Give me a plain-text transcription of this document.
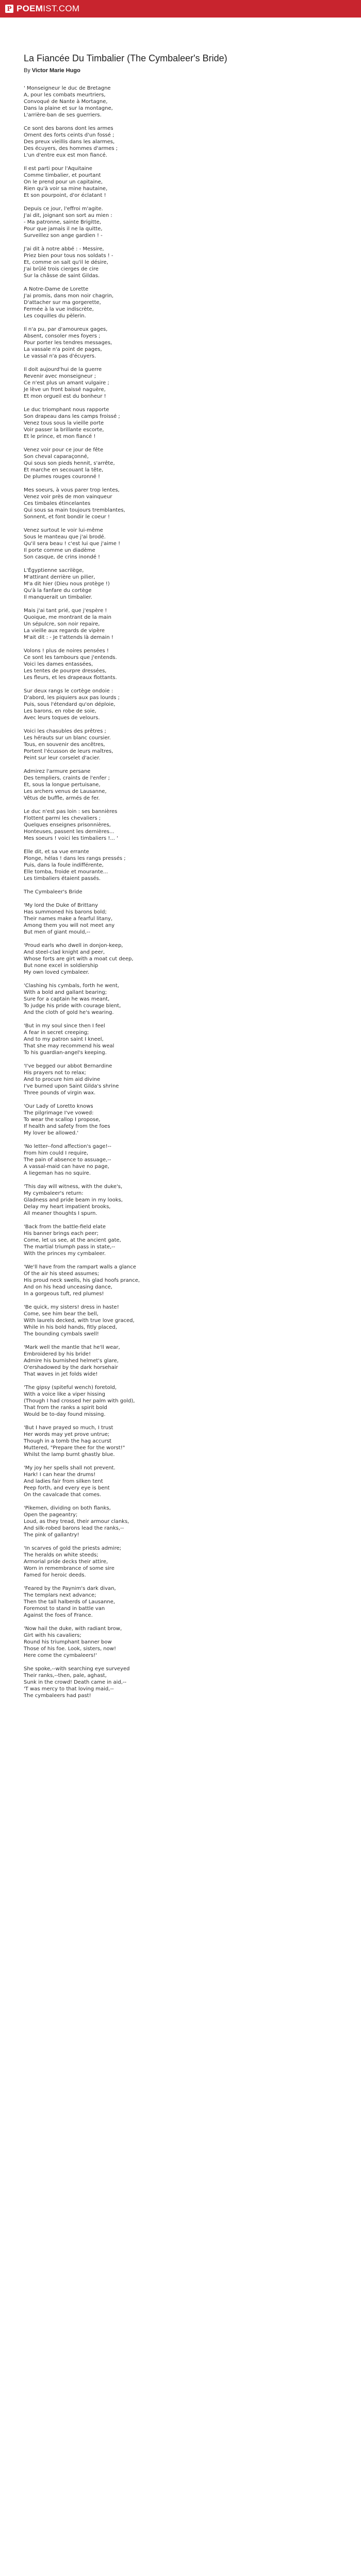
P POEMIST.COM
La Fiancée Du Timbalier (The Cymbaleer's Bride)

By Victor Marie Hugo

' Monseigneur le duc de Bretagne
A, pour les combats meurtriers,
Convoqué de Nante à Mortagne,
Dans la plaine et sur la montagne,
L'arrière-ban de ses guerriers.
Ce sont des barons dont les armes
Ornent des forts ceints d'un fossé ;
Des preux vieillis dans les alarmes,
Des écuyers, des hommes d'armes ;
L'un d'entre eux est mon fiancé.
Il est parti pour l'Aquitaine
Comme timbalier, et pourtant
On le prend pour un capitaine,
Rien qu'à voir sa mine hautaine,
Et son pourpoint, d'or éclatant !
Depuis ce jour, l'effroi m'agite.
J'ai dit, joignant son sort au mien :
- Ma patronne, sainte Brigitte,
Pour que jamais il ne la quitte,
Surveillez son ange gardien ! -
J'ai dit à notre abbé : - Messire,
Priez bien pour tous nos soldats ! -
Et, comme on sait qu'il le désire,
J'ai brûlé trois cierges de cire
Sur la châsse de saint Gildas.
A Notre-Dame de Lorette
J'ai promis, dans mon noir chagrin,
D'attacher sur ma gorgerette,
Fermée à la vue indiscrète,
Les coquilles du pèlerin.
Il n'a pu, par d'amoureux gages,
Absent, consoler mes foyers ;
Pour porter les tendres messages,
La vassale n'a point de pages,
Le vassal n'a pas d'écuyers.
Il doit aujourd'hui de la guerre
Revenir avec monseigneur ;
Ce n'est plus un amant vulgaire ;
Je lève un front baissé naguère,
Et mon orgueil est du bonheur !
Le duc triomphant nous rapporte
Son drapeau dans les camps froissé ;
Venez tous sous la vieille porte
Voir passer la brillante escorte,
Et le prince, et mon fiancé !
Venez voir pour ce jour de fête
Son cheval caparaçonné,
Qui sous son pieds hennit, s'arrête,
Et marche en secouant la tête,
De plumes rouges couronné !
Mes soeurs, à vous parer trop lentes,
Venez voir près de mon vainqueur
Ces timbales étincelantes
Qui sous sa main toujours tremblantes,
Sonnent, et font bondir le coeur !
Venez surtout le voir lui-même
Sous le manteau que j'ai brodé.
Qu'il sera beau ! c'est lui que j'aime !
Il porte comme un diadème
Son casque, de crins inondé !
L'Égyptienne sacrilège,
M'attirant derrière un pilier,
M'a dit hier (Dieu nous protège !)
Qu'à la fanfare du cortège
Il manquerait un timbalier.
Mais j'ai tant prié, que j'espère !
Quoique, me montrant de la main
Un sépulcre, son noir repaire,
La vieille aux regards de vipère
M'ait dit : - Je t'attends là demain !
Volons ! plus de noires pensées !
Ce sont les tambours que j'entends.
Voici les dames entassées,
Les tentes de pourpre dressées,
Les fleurs, et les drapeaux flottants.
Sur deux rangs le cortège ondoie :
D'abord, les piquiers aux pas lourds ;
Puis, sous l'étendard qu'on déploie,
Les barons, en robe de soie,
Avec leurs toques de velours.
Voici les chasubles des prêtres ;
Les hérauts sur un blanc coursier.
Tous, en souvenir des ancêtres,
Portent l'écusson de leurs maîtres,
Peint sur leur corselet d'acier.
Admirez l'armure persane
Des templiers, craints de l'enfer ;
Et, sous la longue pertuisane,
Les archers venus de Lausanne,
Vêtus de buffle, armés de fer.
Le duc n'est pas loin : ses bannières
Flottent parmi les chevaliers ;
Quelques enseignes prisonnières,
Honteuses, passent les dernières...
Mes soeurs ! voici les timbaliers !... '
Elle dit, et sa vue errante
Plonge, hélas ! dans les rangs pressés ;
Puis, dans la foule indifférente,
Elle tomba, froide et mourante...
Les timbaliers étaient passés.
The Cymbaleer's Bride
'My lord the Duke of Brittany
Has summoned his barons bold;
Their names make a fearful litany,
Among them you will not meet any
But men of giant mould,--
'Proud earls who dwell in donjon-keep,
And steel-clad knight and peer,
Whose forts are girt with a moat cut deep,
But none excel in soldiership
My own loved cymbaleer.
'Clashing his cymbals, forth he went,
With a bold and gallant bearing;
Sure for a captain he was meant,
To judge his pride with courage blent,
And the cloth of gold he's wearing.
'But in my soul since then I feel
A fear in secret creeping;
And to my patron saint I kneel,
That she may recommend his weal
To his guardian-angel's keeping.
'I've begged our abbot Bernardine
His prayers not to relax;
And to procure him aid divine
I've burned upon Saint Gilda's shrine
Three pounds of virgin wax.
'Our Lady of Loretto knows
The pilgrimage I've vowed:
To wear the scallop I propose,
If health and safety from the foes
My lover be allowed.'
'No letter--fond affection's gage!--
From him could I require,
The pain of absence to assuage,--
A vassal-maid can have no page,
A liegeman has no squire.
'This day will witness, with the duke's,
My cymbaleer's return:
Gladness and pride beam in my looks,
Delay my heart impatient brooks,
All meaner thoughts I spurn.
'Back from the battle-field elate
His banner brings each peer;
Come, let us see, at the ancient gate,
The martial triumph pass in state,--
With the princes my cymbaleer.
'We'll have from the rampart walls a glance
Of the air his steed assumes;
His proud neck swells, his glad hoofs prance,
And on his head unceasing dance,
In a gorgeous tuft, red plumes!
'Be quick, my sisters! dress in haste!
Come, see him bear the bell,
With laurels decked, with true love graced,
While in his bold hands, fitly placed,
The bounding cymbals swell!
'Mark well the mantle that he'll wear,
Embroidered by his bride!
Admire his burnished helmet's glare,
O'ershadowed by the dark horsehair
That waves in jet folds wide!
'The gipsy (spiteful wench) foretold,
With a voice like a viper hissing
(Though I had crossed her palm with gold),
That from the ranks a spirit bold
Would be to-day found missing.
'But I have prayed so much, I trust
Her words may yet prove untrue;
Though in a tomb the hag accurst
Muttered, "Prepare thee for the worst!"
Whilst the lamp burnt ghastly blue.
'My joy her spells shall not prevent.
Hark! I can hear the drums!
And ladies fair from silken tent
Peep forth, and every eye is bent
On the cavalcade that comes.
'Pikemen, dividing on both flanks,
Open the pageantry;
Loud, as they tread, their armour clanks,
And silk-robed barons lead the ranks,--
The pink of gallantry!
'In scarves of gold the priests admire;
The heralds on white steeds;
Armorial pride decks their attire,
Worn in remembrance of some sire
Famed for heroic deeds.
'Feared by the Paynim's dark divan,
The templars next advance;
Then the tall halberds of Lausanne,
Foremost to stand in battle van
Against the foes of France.
'Now hail the duke, with radiant brow,
Girt with his cavaliers;
Round his triumphant banner bow
Those of his foe. Look, sisters, now!
Here come the cymbaleers!'
She spoke,--with searching eye surveyed
Their ranks,--then, pale, aghast,
Sunk in the crowd! Death came in aid,--
'T was mercy to that loving maid,--
The cymbaleers had past!
